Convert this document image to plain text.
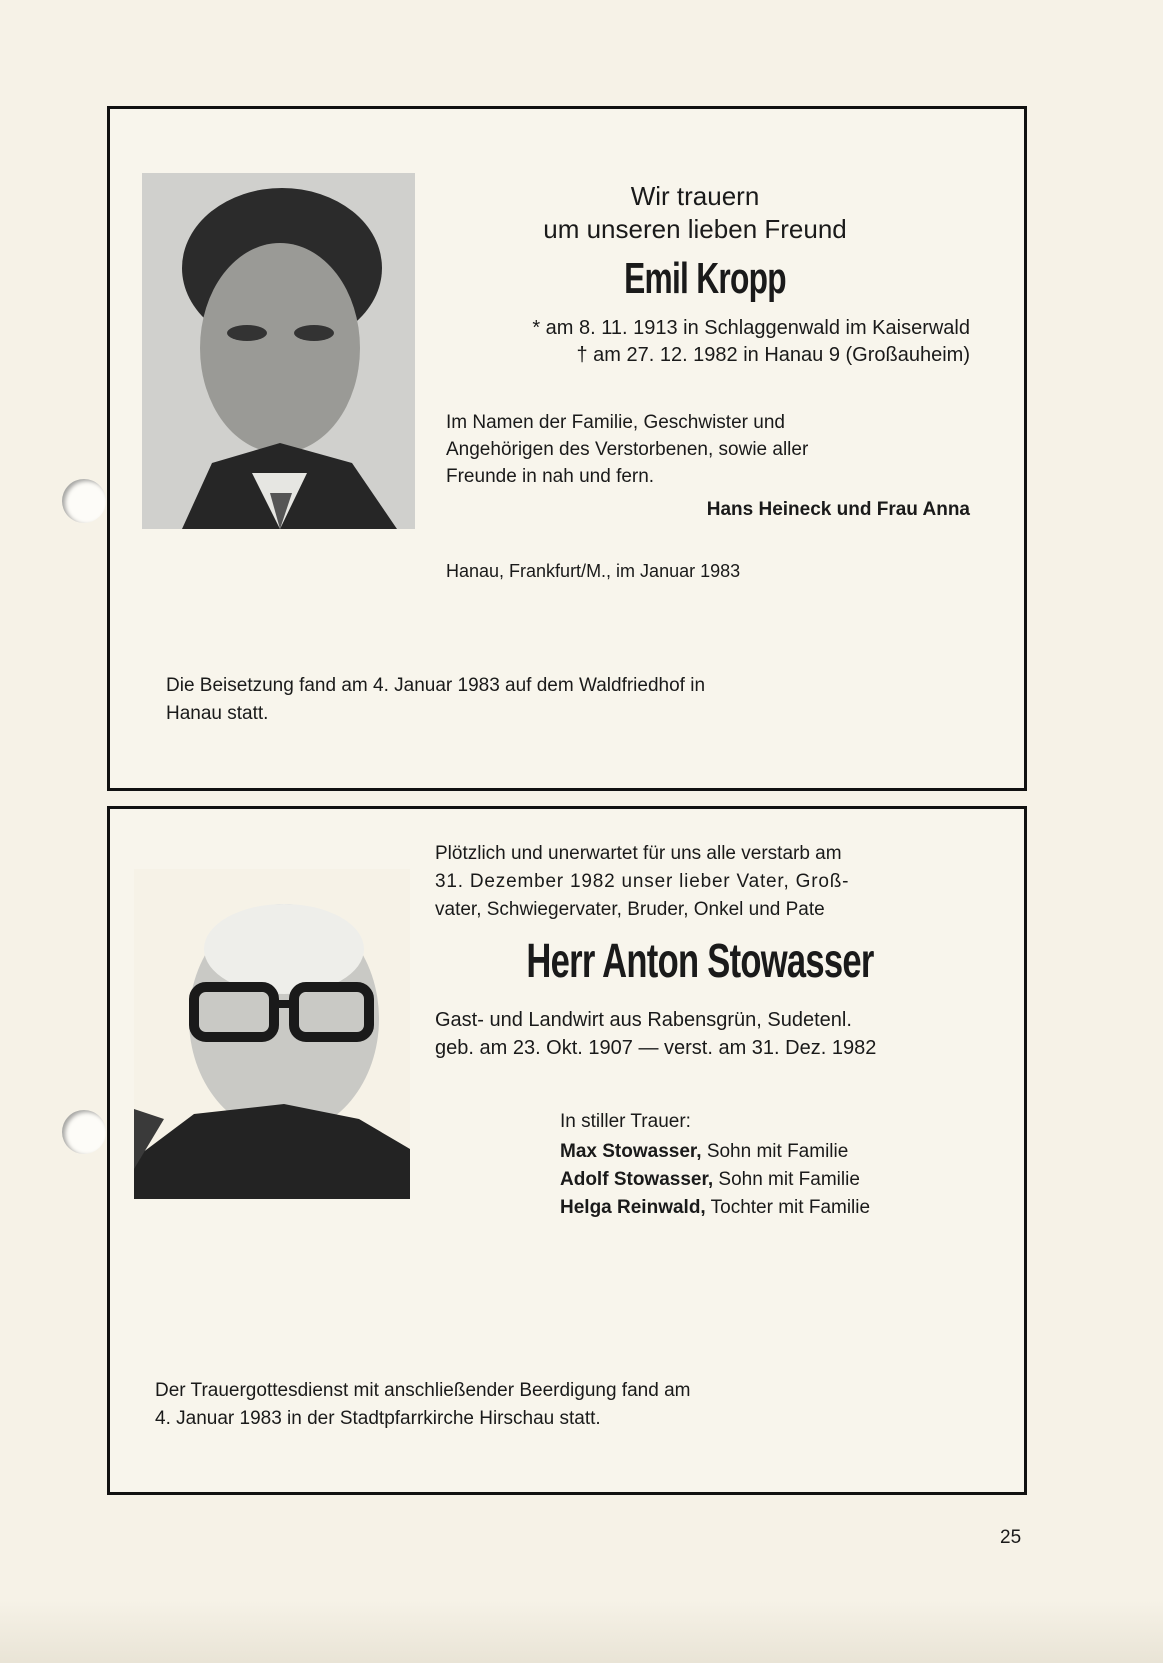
Wir trauern
um unseren lieben Freund
Emil Kropp
* am 8. 11. 1913 in Schlaggenwald im Kaiserwald
† am 27. 12. 1982 in Hanau 9 (Großauheim)
Im Namen der Familie, Geschwister und
Angehörigen des Verstorbenen, sowie aller
Freunde in nah und fern.
Hans Heineck und Frau Anna
Hanau, Frankfurt/M., im Januar 1983
Die Beisetzung fand am 4. Januar 1983 auf dem Waldfriedhof in
Hanau statt.
Plötzlich und unerwartet für uns alle verstarb am
31. Dezember 1982 unser lieber Vater, Groß-
vater, Schwiegervater, Bruder, Onkel und Pate
Herr Anton Stowasser
Gast- und Landwirt aus Rabensgrün, Sudetenl.
geb. am 23. Okt. 1907 — verst. am 31. Dez. 1982
In stiller Trauer:
Max Stowasser, Sohn mit Familie
Adolf Stowasser, Sohn mit Familie
Helga Reinwald, Tochter mit Familie
Der Trauergottesdienst mit anschließender Beerdigung fand am
4. Januar 1983 in der Stadtpfarrkirche Hirschau statt.
25
